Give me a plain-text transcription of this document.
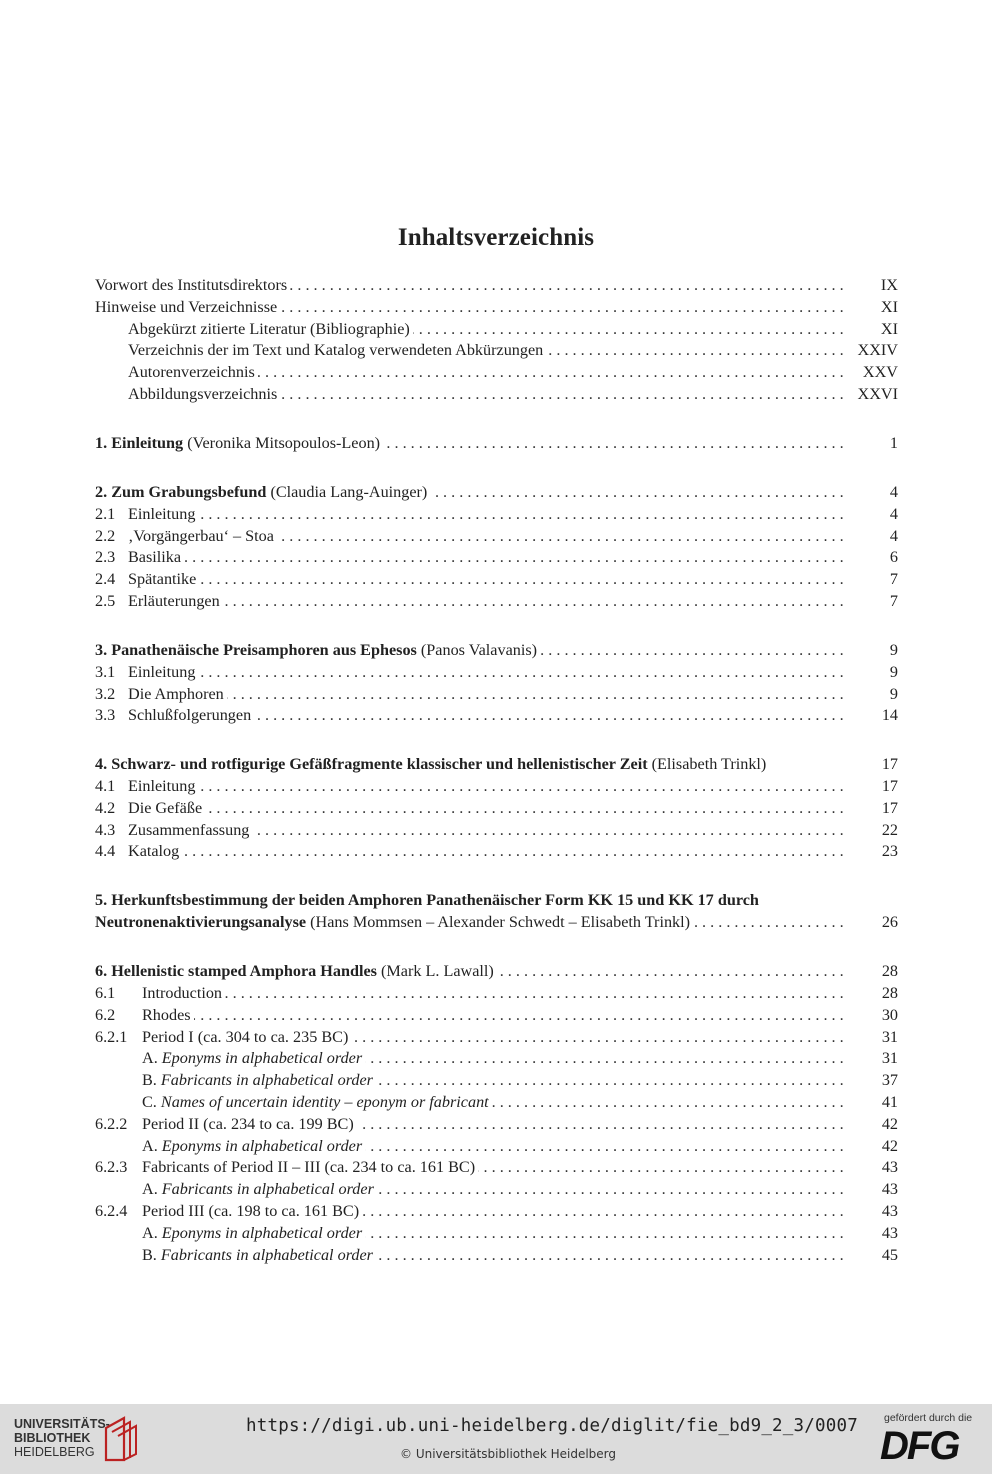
Inhaltsverzeichnis
Vorwort des Institutsdirektors . . .	IX
Hinweise und Verzeichnisse . . .	XI
Abgekürzt zitierte Literatur (Bibliographie) . . .	XI
Verzeichnis der im Text und Katalog verwendeten Abkürzungen . . .	XXIV
Autorenverzeichnis . . .	XXV
Abbildungsverzeichnis . . .	XXVI
1. Einleitung (Veronika Mitsopoulos-Leon) . . .	1
2. Zum Grabungsbefund (Claudia Lang-Auinger) . . .	4
2.1 Einleitung . . .	4
2.2 ‚Vorgängerbau‘ – Stoa . . .	4
2.3 Basilika . . .	6
2.4 Spätantike . . .	7
2.5 Erläuterungen . . .	7
3. Panathenäische Preisamphoren aus Ephesos (Panos Valavanis) . . .	9
3.1 Einleitung . . .	9
3.2 Die Amphoren . . .	9
3.3 Schlußfolgerungen . . .	14
4. Schwarz- und rotfigurige Gefäßfragmente klassischer und hellenistischer Zeit (Elisabeth Trinkl)	17
4.1 Einleitung . . .	17
4.2 Die Gefäße . . .	17
4.3 Zusammenfassung . . .	22
4.4 Katalog . . .	23
5. Herkunftsbestimmung der beiden Amphoren Panathenäischer Form KK 15 und KK 17 durch
Neutronenaktivierungsanalyse (Hans Mommsen – Alexander Schwedt – Elisabeth Trinkl) . . .	26
6. Hellenistic stamped Amphora Handles (Mark L. Lawall) . . .	28
6.1 Introduction . . .	28
6.2 Rhodes . . .	30
6.2.1 Period I (ca. 304 to ca. 235 BC) . . .	31
A. Eponyms in alphabetical order . . .	31
B. Fabricants in alphabetical order . . .	37
C. Names of uncertain identity – eponym or fabricant . . .	41
6.2.2 Period II (ca. 234 to ca. 199 BC) . . .	42
A. Eponyms in alphabetical order . . .	42
6.2.3 Fabricants of Period II – III (ca. 234 to ca. 161 BC) . . .	43
A. Fabricants in alphabetical order . . .	43
6.2.4 Period III (ca. 198 to ca. 161 BC) . . .	43
A. Eponyms in alphabetical order . . .	43
B. Fabricants in alphabetical order . . .	45
UNIVERSITÄTS-
BIBLIOTHEK
HEIDELBERG
https://digi.ub.uni-heidelberg.de/diglit/fie_bd9_2_3/0007
© Universitätsbibliothek Heidelberg
gefördert durch die
DFG
